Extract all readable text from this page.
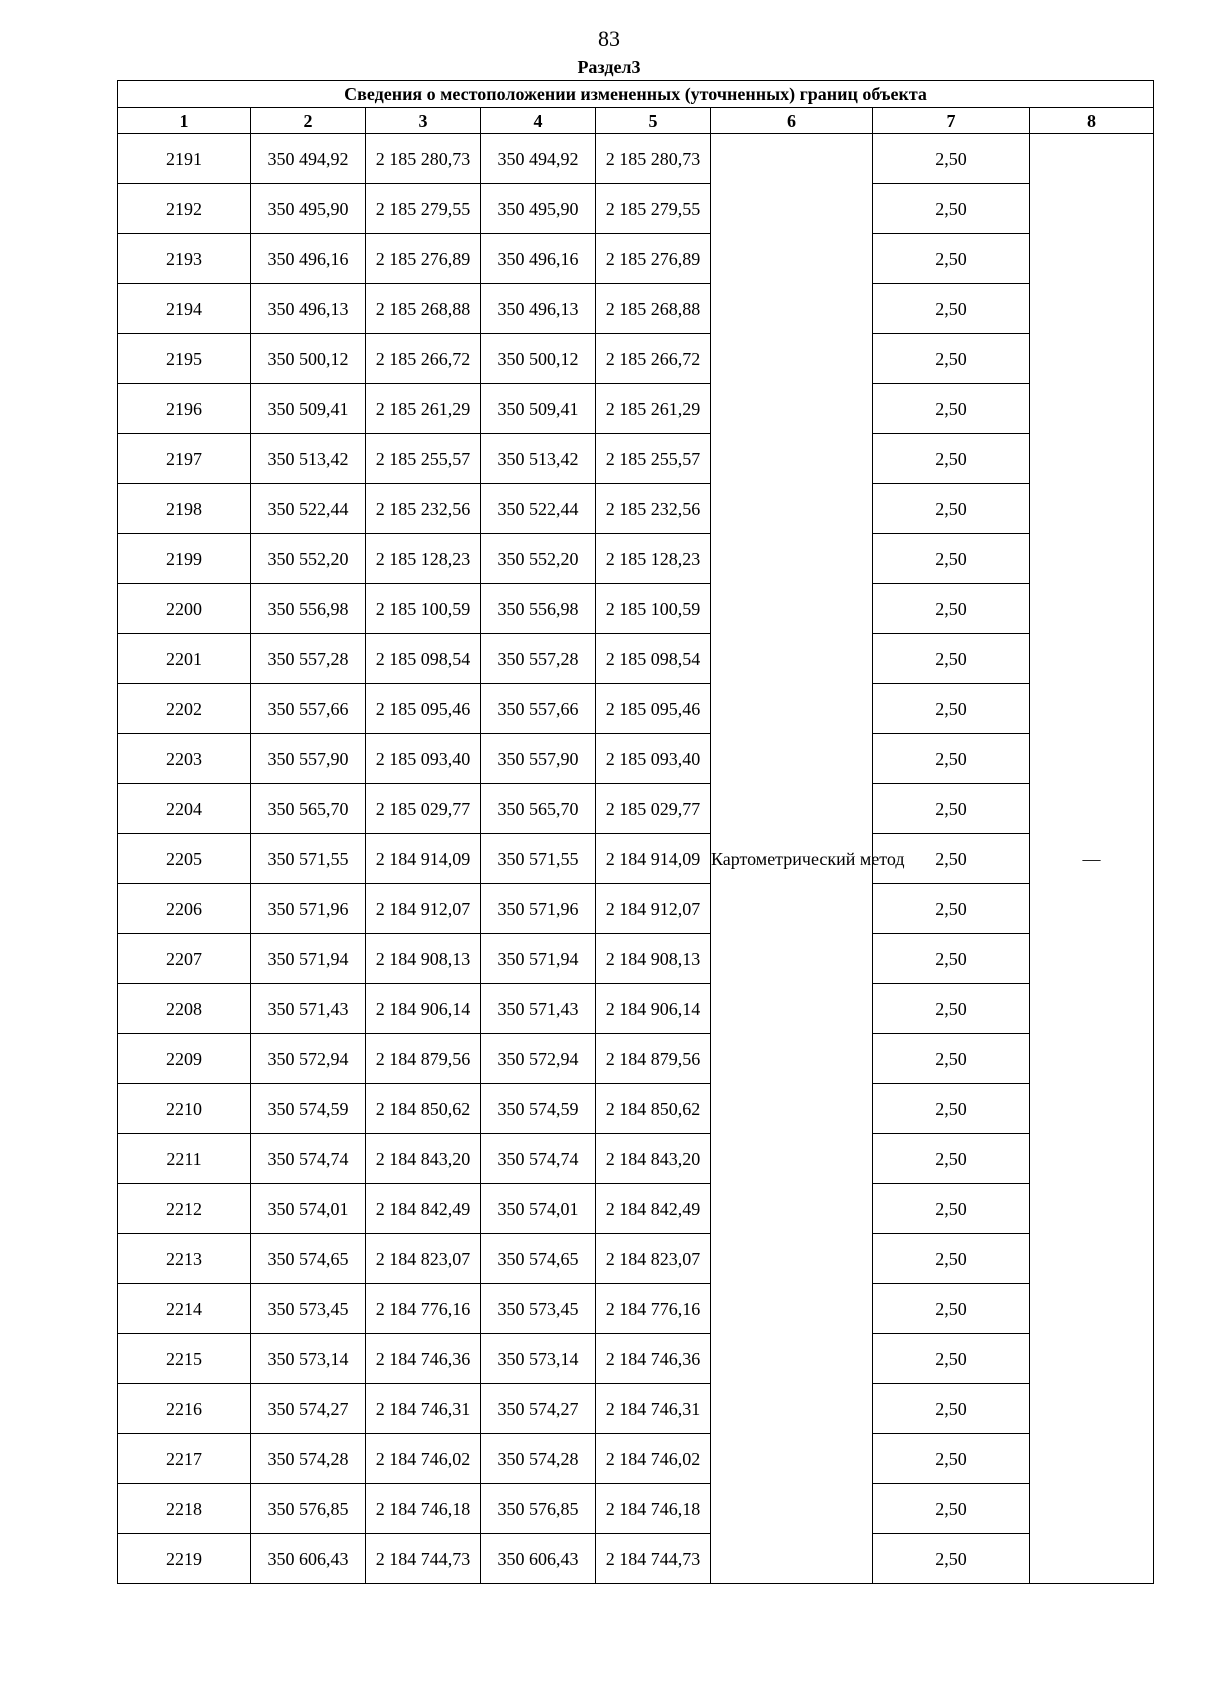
83
Раздел3
Сведения о местоположении измененных (уточненных) границ объекта							
1	2	3	4	5	6	7	8
2191	350 494,92	2 185 280,73	350 494,92	2 185 280,73	Картометрический метод	2,50	—
2192	350 495,90	2 185 279,55	350 495,90	2 185 279,55		2,50	
2193	350 496,16	2 185 276,89	350 496,16	2 185 276,89		2,50	
2194	350 496,13	2 185 268,88	350 496,13	2 185 268,88		2,50	
2195	350 500,12	2 185 266,72	350 500,12	2 185 266,72		2,50	
2196	350 509,41	2 185 261,29	350 509,41	2 185 261,29		2,50	
2197	350 513,42	2 185 255,57	350 513,42	2 185 255,57		2,50	
2198	350 522,44	2 185 232,56	350 522,44	2 185 232,56		2,50	
2199	350 552,20	2 185 128,23	350 552,20	2 185 128,23		2,50	
2200	350 556,98	2 185 100,59	350 556,98	2 185 100,59		2,50	
2201	350 557,28	2 185 098,54	350 557,28	2 185 098,54		2,50	
2202	350 557,66	2 185 095,46	350 557,66	2 185 095,46		2,50	
2203	350 557,90	2 185 093,40	350 557,90	2 185 093,40		2,50	
2204	350 565,70	2 185 029,77	350 565,70	2 185 029,77		2,50	
2205	350 571,55	2 184 914,09	350 571,55	2 184 914,09		2,50	
2206	350 571,96	2 184 912,07	350 571,96	2 184 912,07		2,50	
2207	350 571,94	2 184 908,13	350 571,94	2 184 908,13		2,50	
2208	350 571,43	2 184 906,14	350 571,43	2 184 906,14		2,50	
2209	350 572,94	2 184 879,56	350 572,94	2 184 879,56		2,50	
2210	350 574,59	2 184 850,62	350 574,59	2 184 850,62		2,50	
2211	350 574,74	2 184 843,20	350 574,74	2 184 843,20		2,50	
2212	350 574,01	2 184 842,49	350 574,01	2 184 842,49		2,50	
2213	350 574,65	2 184 823,07	350 574,65	2 184 823,07		2,50	
2214	350 573,45	2 184 776,16	350 573,45	2 184 776,16		2,50	
2215	350 573,14	2 184 746,36	350 573,14	2 184 746,36		2,50	
2216	350 574,27	2 184 746,31	350 574,27	2 184 746,31		2,50	
2217	350 574,28	2 184 746,02	350 574,28	2 184 746,02		2,50	
2218	350 576,85	2 184 746,18	350 576,85	2 184 746,18		2,50	
2219	350 606,43	2 184 744,73	350 606,43	2 184 744,73		2,50	
